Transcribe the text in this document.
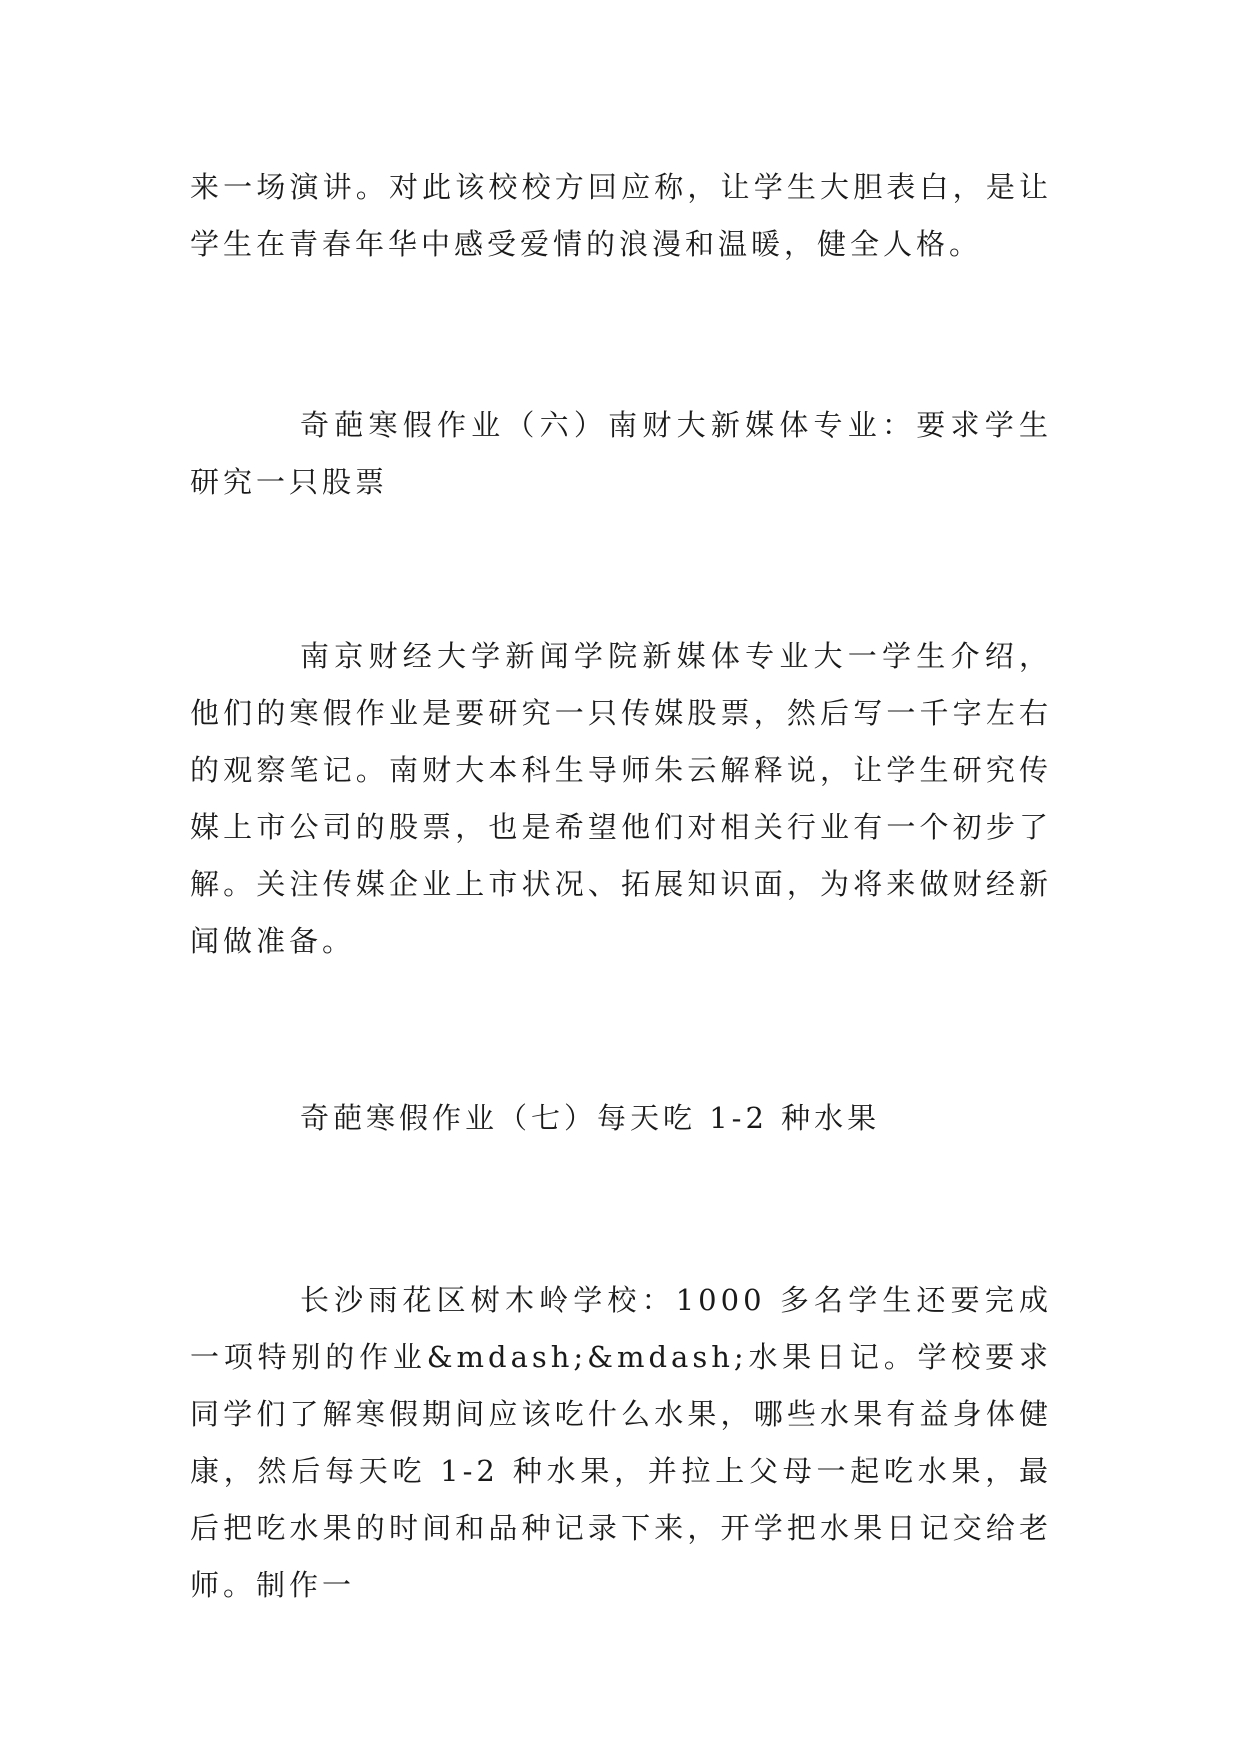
来一场演讲。对此该校校方回应称，让学生大胆表白，是让学生在青春年华中感受爱情的浪漫和温暖，健全人格。

奇葩寒假作业（六）南财大新媒体专业：要求学生研究一只股票

南京财经大学新闻学院新媒体专业大一学生介绍，他们的寒假作业是要研究一只传媒股票，然后写一千字左右的观察笔记。南财大本科生导师朱云解释说，让学生研究传媒上市公司的股票，也是希望他们对相关行业有一个初步了解。关注传媒企业上市状况、拓展知识面，为将来做财经新闻做准备。

奇葩寒假作业（七）每天吃 1-2 种水果

长沙雨花区树木岭学校：1000 多名学生还要完成一项特别的作业&mdash;&mdash;水果日记。学校要求同学们了解寒假期间应该吃什么水果，哪些水果有益身体健康，然后每天吃 1-2 种水果，并拉上父母一起吃水果，最后把吃水果的时间和品种记录下来，开学把水果日记交给老师。制作一
